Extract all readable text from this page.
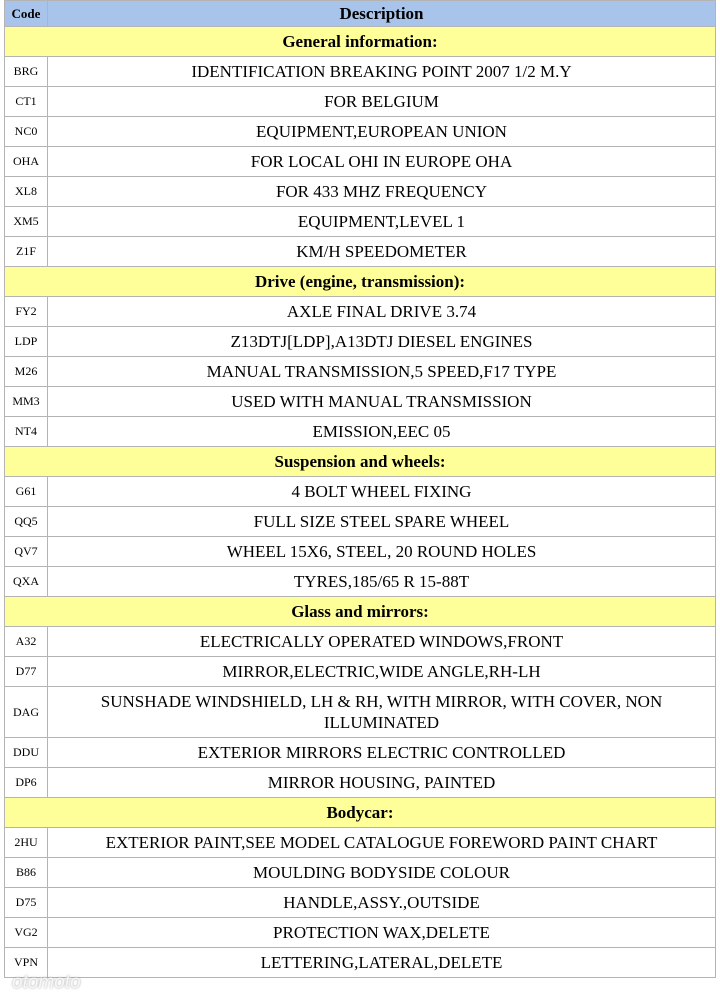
Code	Description
General information:	
BRG	IDENTIFICATION BREAKING POINT 2007 1/2 M.Y
CT1	FOR BELGIUM
NC0	EQUIPMENT,EUROPEAN UNION
OHA	FOR LOCAL OHI IN EUROPE OHA
XL8	FOR 433 MHZ FREQUENCY
XM5	EQUIPMENT,LEVEL 1
Z1F	KM/H SPEEDOMETER
Drive (engine, transmission):	
FY2	AXLE FINAL DRIVE 3.74
LDP	Z13DTJ[LDP],A13DTJ DIESEL ENGINES
M26	MANUAL TRANSMISSION,5 SPEED,F17 TYPE
MM3	USED WITH MANUAL TRANSMISSION
NT4	EMISSION,EEC 05
Suspension and wheels:	
G61	4 BOLT WHEEL FIXING
QQ5	FULL SIZE STEEL SPARE WHEEL
QV7	WHEEL 15X6, STEEL, 20 ROUND HOLES
QXA	TYRES,185/65 R 15-88T
Glass and mirrors:	
A32	ELECTRICALLY OPERATED WINDOWS,FRONT
D77	MIRROR,ELECTRIC,WIDE ANGLE,RH-LH
DAG	SUNSHADE WINDSHIELD, LH & RH, WITH MIRROR, WITH COVER, NON ILLUMINATED
DDU	EXTERIOR MIRRORS ELECTRIC CONTROLLED
DP6	MIRROR HOUSING, PAINTED
Bodycar:	
2HU	EXTERIOR PAINT,SEE MODEL CATALOGUE FOREWORD PAINT CHART
B86	MOULDING BODYSIDE COLOUR
D75	HANDLE,ASSY.,OUTSIDE
VG2	PROTECTION WAX,DELETE
VPN	LETTERING,LATERAL,DELETE
otomoto
